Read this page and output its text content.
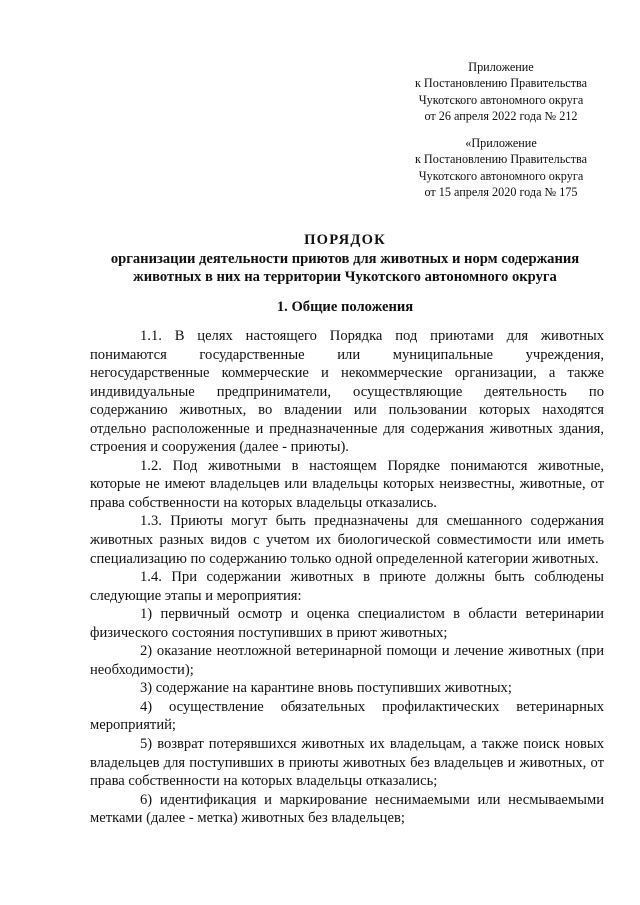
Приложение
к Постановлению Правительства
Чукотского автономного округа
от 26 апреля 2022 года № 212
«Приложение
к Постановлению Правительства
Чукотского автономного округа
от 15 апреля 2020 года № 175
ПОРЯДОК
организации деятельности приютов для животных и норм содержания
животных в них на территории Чукотского автономного округа
1. Общие положения

1.1. В целях настоящего Порядка под приютами для животных понимаются государственные или муниципальные учреждения, негосударственные коммерческие и некоммерческие организации, а также индивидуальные предприниматели, осуществляющие деятельность по содержанию животных, во владении или пользовании которых находятся отдельно расположенные и предназначенные для содержания животных здания, строения и сооружения (далее - приюты).

1.2. Под животными в настоящем Порядке понимаются животные, которые не имеют владельцев или владельцы которых неизвестны, животные, от права собственности на которых владельцы отказались.

1.3. Приюты могут быть предназначены для смешанного содержания животных разных видов с учетом их биологической совместимости или иметь специализацию по содержанию только одной определенной категории животных.

1.4. При содержании животных в приюте должны быть соблюдены следующие этапы и мероприятия:

1) первичный осмотр и оценка специалистом в области ветеринарии физического состояния поступивших в приют животных;

2) оказание неотложной ветеринарной помощи и лечение животных (при необходимости);

3) содержание на карантине вновь поступивших животных;

4) осуществление обязательных профилактических ветеринарных мероприятий;

5) возврат потерявшихся животных их владельцам, а также поиск новых владельцев для поступивших в приюты животных без владельцев и животных, от права собственности на которых владельцы отказались;

6) идентификация и маркирование неснимаемыми или несмываемыми метками (далее - метка) животных без владельцев;
